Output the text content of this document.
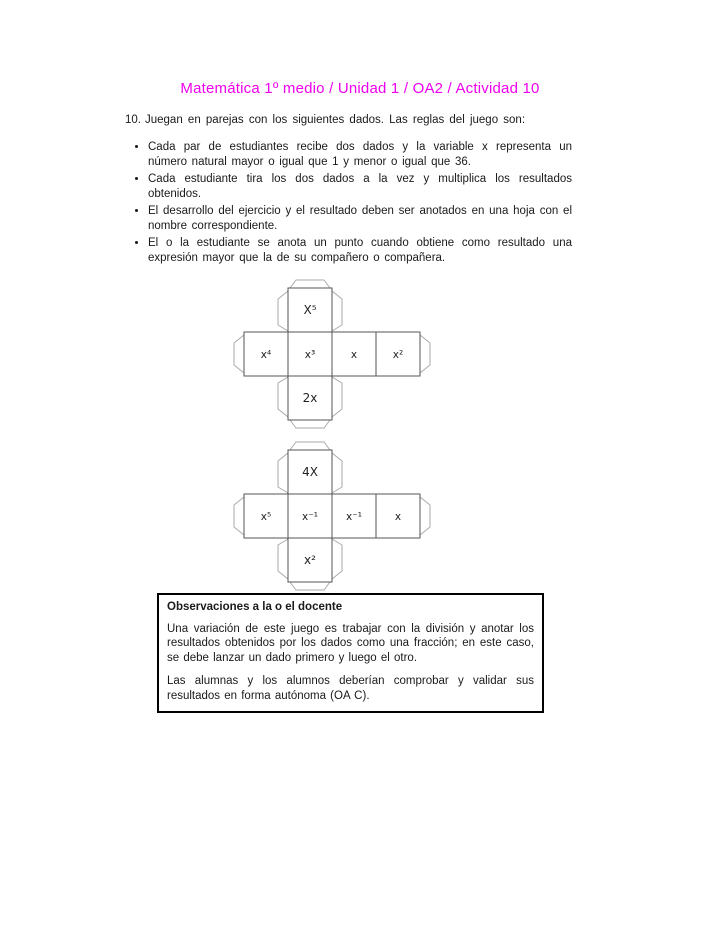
Matemática 1º medio / Unidad 1 / OA2 / Actividad 10
10. Juegan en parejas con los siguientes dados. Las reglas del juego son:
• Cada par de estudiantes recibe dos dados y la variable x representa un número natural mayor o igual que 1 y menor o igual que 36.
• Cada estudiante tira los dos dados a la vez y multiplica los resultados obtenidos.
• El desarrollo del ejercicio y el resultado deben ser anotados en una hoja con el nombre correspondiente.
• El o la estudiante se anota un punto cuando obtiene como resultado una expresión mayor que la de su compañero o compañera.
X⁵
x⁴	x³	x	x²
2x
4X
x⁵	x⁻¹	x⁻¹	x
x²
Observaciones a la o el docente

Una variación de este juego es trabajar con la división y anotar los resultados obtenidos por los dados como una fracción; en este caso, se debe lanzar un dado primero y luego el otro.

Las alumnas y los alumnos deberían comprobar y validar sus resultados en forma autónoma (OA C).
